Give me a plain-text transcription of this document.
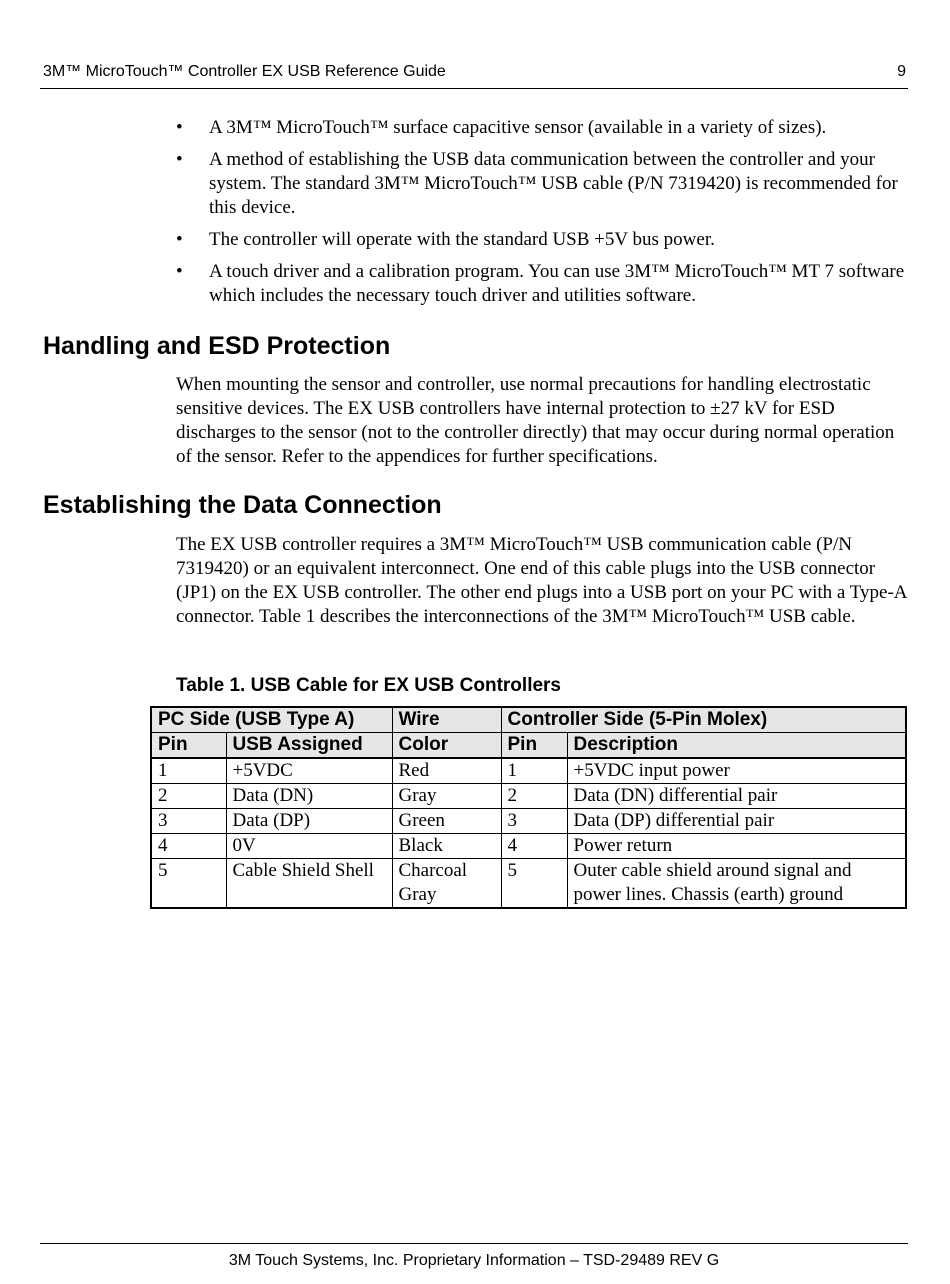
3M™ MicroTouch™ Controller EX USB Reference Guide	9
• A 3M™ MicroTouch™ surface capacitive sensor (available in a variety of sizes).
• A method of establishing the USB data communication between the controller and your system. The standard 3M™ MicroTouch™ USB cable (P/N 7319420) is recommended for this device.
• The controller will operate with the standard USB +5V bus power.
• A touch driver and a calibration program. You can use 3M™ MicroTouch™ MT 7 software which includes the necessary touch driver and utilities software.
Handling and ESD Protection

When mounting the sensor and controller, use normal precautions for handling electrostatic sensitive devices. The EX USB controllers have internal protection to ±27 kV for ESD discharges to the sensor (not to the controller directly) that may occur during normal operation of the sensor. Refer to the appendices for further specifications.

Establishing the Data Connection

The EX USB controller requires a 3M™ MicroTouch™ USB communication cable (P/N 7319420) or an equivalent interconnect. One end of this cable plugs into the USB connector (JP1) on the EX USB controller. The other end plugs into a USB port on your PC with a Type-A connector. Table 1 describes the interconnections of the 3M™ MicroTouch™ USB cable.

Table 1. USB Cable for EX USB Controllers

PC Side (USB Type A)		Wire	Controller Side (5-Pin Molex)	
Pin	USB Assigned	Color	Pin	Description
1	+5VDC	Red	1	+5VDC input power
2	Data (DN)	Gray	2	Data (DN) differential pair
3	Data (DP)	Green	3	Data (DP) differential pair
4	0V	Black	4	Power return
5	Cable Shield Shell	Charcoal Gray	5	Outer cable shield around signal and power lines. Chassis (earth) ground
3M Touch Systems, Inc. Proprietary Information – TSD-29489 REV G
